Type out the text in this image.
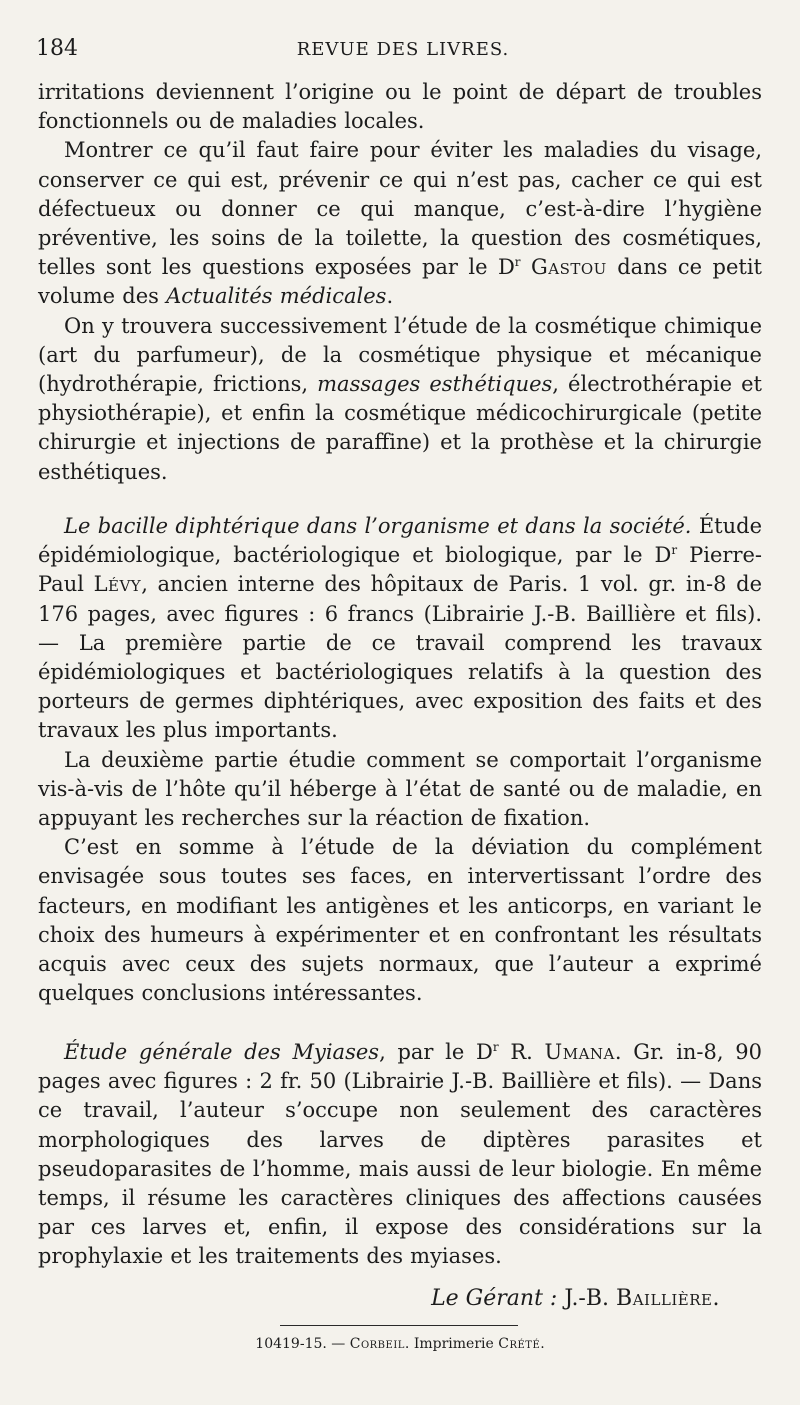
184	REVUE DES LIVRES.

irritations deviennent l’origine ou le point de départ de troubles fonctionnels ou de maladies locales.

Montrer ce qu’il faut faire pour éviter les maladies du visage, conserver ce qui est, prévenir ce qui n’est pas, cacher ce qui est défectueux ou donner ce qui manque, c’est-à-dire l’hygiène préventive, les soins de la toilette, la question des cosmétiques, telles sont les questions exposées par le $D^r$ Gastou dans ce petit volume des Actualités médicales.

On y trouvera successivement l’étude de la cosmétique chimique (art du parfumeur), de la cosmétique physique et mécanique (hydrothérapie, frictions, massages esthétiques, électrothérapie et physiothérapie), et enfin la cosmétique médicochirurgicale (petite chirurgie et injections de paraffine) et la prothèse et la chirurgie esthétiques.

Le bacille diphtérique dans l’organisme et dans la société. Étude épidémiologique, bactériologique et biologique, par le $D^r$ Pierre-Paul Lévy, ancien interne des hôpitaux de Paris. 1 vol. gr. in-8 de 176 pages, avec figures : 6 francs (Librairie J.-B. Baillière et fils). — La première partie de ce travail comprend les travaux épidémiologiques et bactériologiques relatifs à la question des porteurs de germes diphtériques, avec exposition des faits et des travaux les plus importants.

La deuxième partie étudie comment se comportait l’organisme vis-à-vis de l’hôte qu’il héberge à l’état de santé ou de maladie, en appuyant les recherches sur la réaction de fixation.

C’est en somme à l’étude de la déviation du complément envisagée sous toutes ses faces, en intervertissant l’ordre des facteurs, en modifiant les antigènes et les anticorps, en variant le choix des humeurs à expérimenter et en confrontant les résultats acquis avec ceux des sujets normaux, que l’auteur a exprimé quelques conclusions intéressantes.

Étude générale des Myiases, par le $D^r$ R. Umana. Gr. in-8, 90 pages avec figures : 2 fr. 50 (Librairie J.-B. Baillière et fils). — Dans ce travail, l’auteur s’occupe non seulement des caractères morphologiques des larves de diptères parasites et pseudoparasites de l’homme, mais aussi de leur biologie. En même temps, il résume les caractères cliniques des affections causées par ces larves et, enfin, il expose des considérations sur la prophylaxie et les traitements des myiases.

Le Gérant : J.-B. Baillière.
10419-15. — Corbeil. Imprimerie Crété.
